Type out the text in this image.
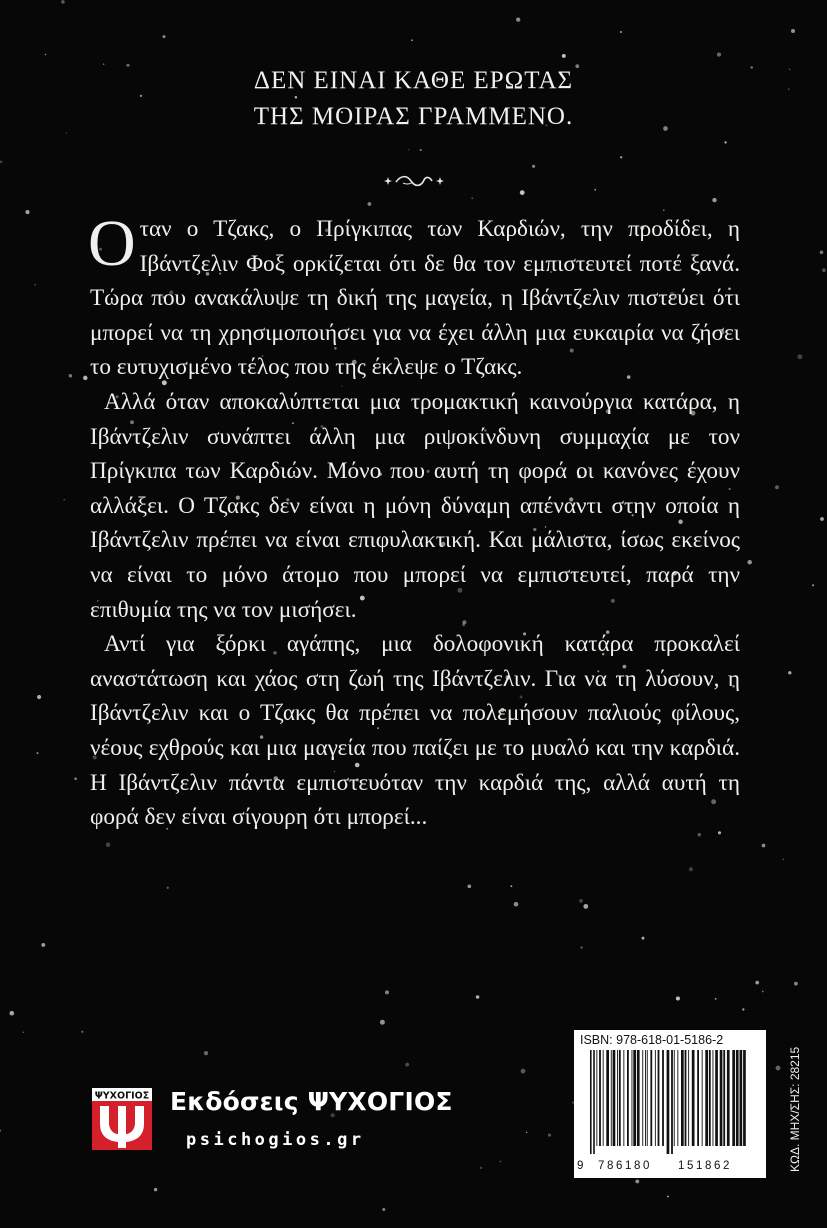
ΔΕΝ ΕΙΝΑΙ ΚΑΘΕ ΕΡΩΤΑΣ
ΤΗΣ ΜΟΙΡΑΣ ΓΡΑΜΜΕΝΟ.

Οταν ο Τζακς, ο Πρίγκιπας των Καρδιών, την προδίδει, η Ιβάντζελιν Φοξ ορκίζεται ότι δε θα τον εμπιστευτεί ποτέ ξανά. Τώρα που ανακάλυψε τη δική της μαγεία, η Ιβάντζελιν πιστεύει ότι μπορεί να τη χρησιμοποιήσει για να έχει άλλη μια ευκαιρία να ζήσει το ευτυχισμένο τέλος που της έκλεψε ο Τζακς.

Αλλά όταν αποκαλύπτεται μια τρομακτική καινούργια κατάρα, η Ιβάντζελιν συνάπτει άλλη μια ριψοκίνδυνη συμμαχία με τον Πρίγκιπα των Καρδιών. Μόνο που αυτή τη φορά οι κανόνες έχουν αλλάξει. Ο Τζακς δεν είναι η μόνη δύναμη απέναντι στην οποία η Ιβάντζελιν πρέπει να είναι επιφυλακτική. Και μάλιστα, ίσως εκείνος να είναι το μόνο άτομο που μπορεί να εμπιστευτεί, παρά την επιθυμία της να τον μισήσει.

Αντί για ξόρκι αγάπης, μια δολοφονική κατάρα προκαλεί αναστάτωση και χάος στη ζωή της Ιβάντζελιν. Για να τη λύσουν, η Ιβάντζελιν και ο Τζακς θα πρέπει να πολεμήσουν παλιούς φίλους, νέους εχθρούς και μια μαγεία που παίζει με το μυαλό και την καρδιά. Η Ιβάντζελιν πάντα εμπιστευόταν την καρδιά της, αλλά αυτή τη φορά δεν είναι σίγουρη ότι μπορεί...

ΨΥΧΟΓΙΟΣ Εκδόσεις ΨΥΧΟΓΙΟΣ
psichogios.gr
ISBN: 978-618-01-5186-2
9 786180 151862	ΚΩΔ. ΜΗΧ/ΣΗΣ: 28215
